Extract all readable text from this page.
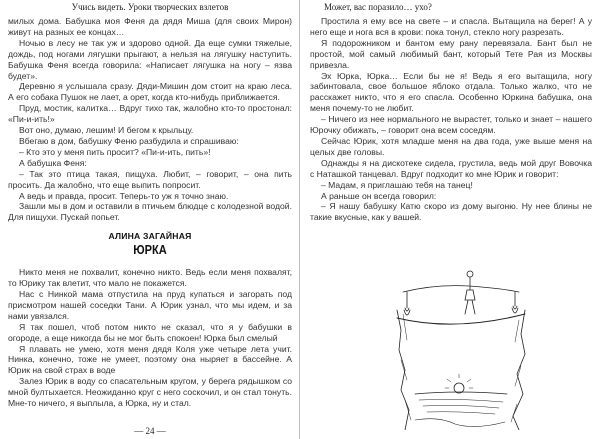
Учись видеть. Уроки творческих взлетов

милых дома. Бабушка моя Феня да дядя Миша (для своих Мирон) живут на разных ее концах…

Ночью в лесу не так уж и здорово одной. Да еще сумки тяжелые, дождь, под ногами лягушки прыгают, а нельзя на лягушку наступить. Бабушка Феня всегда говорила: «Написает лягушка на ногу – язва будет».

Деревню я услышала сразу. Дяди-Мишин дом стоит на краю леса. А его собака Пушок не лает, а орет, когда кто-нибудь приближается.

Пруд, мостик, калитка… Вдруг тихо так, жалобно кто-то простонал: «Пи-и-ить!»

Вот оно, думаю, лешим! И бегом к крыльцу.

Вбегаю в дом, бабушку Феню разбудила и спрашиваю:

– Кто это у меня пить просит? «Пи-и-ить, пить»!

А бабушка Феня:

– Так это птица такая, пищуха. Любит, – говорит, – она пить просить. Да жалобно, что еще выпить попросит.

А ведь и правда, просит. Теперь-то уж я точно знаю.

Зашли мы в дом и оставили в птичьем блюдце с колодезной водой. Для пищухи. Пускай попьет.

АЛИНА ЗАГАЙНАЯ
ЮРКА

Никто меня не похвалит, конечно никто. Ведь если меня похвалят, то Юрику так влетит, что мало не покажется.

Нас с Нинкой мама отпустила на пруд купаться и загорать под присмотром нашей соседки Тани. А Юрик узнал, что мы идем, и за нами увязался.

Я так пошел, чтоб потом никто не сказал, что я у бабушки в огороде, а еще никогда бы не мог быть спокоен! Юрка был смелый

Я плавать не умею, хотя меня дядя Коля уже четыре лета учит. Нинка, конечно, тоже не умеет, поэтому она ныряет в бассейне. А Юрик на свой страх в воде

Залез Юрик в воду со спасательным кругом, у берега рядышком со мной бултыхается. Неожиданно круг с него соскочил, и он стал тонуть. Мне-то ничего, я выплыла, а Юрка, ну и стал.

— 24 —
Может, вас поразило… ухо?

Простила я ему все на свете – и спасла. Вытащила на берег! А у него еще и нога вся в крови: пока тонул, стекло ногу разрезать.

Я подорожником и бантом ему рану перевязала. Бант был не простой, мой самый любимый бант, который Тете Рая из Москвы привезла.

Эх Юрка, Юрка… Если бы не я! Ведь я его вытащила, ногу забинтовала, свое большое яблоко отдала. Только жалко, что не расскажет никто, что я его спасла. Особенно Юркина бабушка, она меня почему-то не любит.

– Ничего из нее нормального не вырастет, только и знает – нашего Юрочку обижать, – говорит она всем соседям.

Сейчас Юрик, хотя младше меня на два года, уже выше меня на целых две головы.

Однажды я на дискотеке сидела, грустила, ведь мой друг Вовочка с Наташкой танцевал. Вдруг подходит ко мне Юрик и говорит:

– Мадам, я приглашаю тебя на танец!

А раньше он всегда говорил:

– Я нашу бабушку Катю скоро из дому выгоню. Ну нее блины не такие вкусные, как у вашей.
